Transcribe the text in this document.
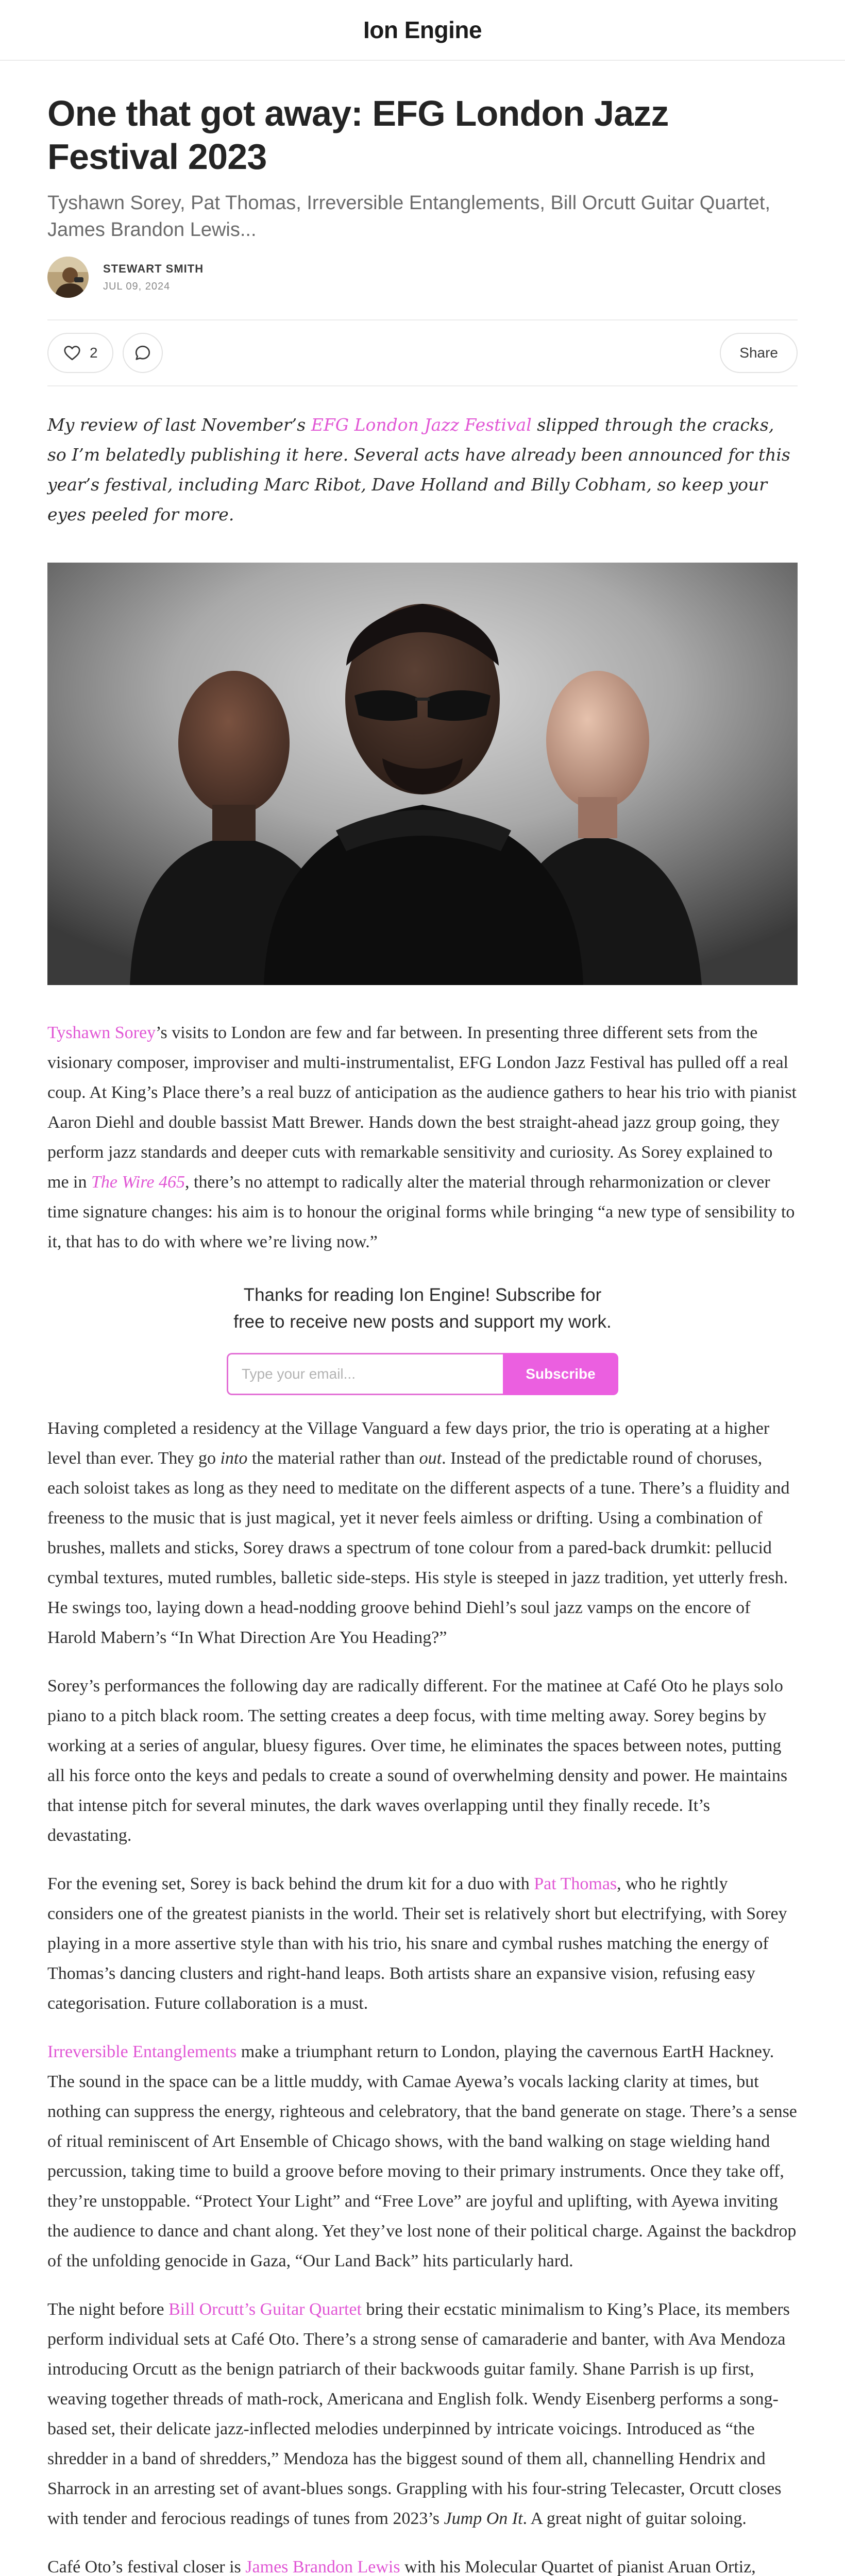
Ion Engine
One that got away: EFG London Jazz Festival 2023
Tyshawn Sorey, Pat Thomas, Irreversible Entanglements, Bill Orcutt Guitar Quartet, James Brandon Lewis...
STEWART SMITH
JUL 09, 2024
2	Share

My review of last November’s EFG London Jazz Festival slipped through the cracks, so I’m belatedly publishing it here. Several acts have already been announced for this year’s festival, including Marc Ribot, Dave Holland and Billy Cobham, so keep your eyes peeled for more.

Tyshawn Sorey’s visits to London are few and far between. In presenting three different sets from the visionary composer, improviser and multi-instrumentalist, EFG London Jazz Festival has pulled off a real coup. At King’s Place there’s a real buzz of anticipation as the audience gathers to hear his trio with pianist Aaron Diehl and double bassist Matt Brewer. Hands down the best straight-ahead jazz group going, they perform jazz standards and deeper cuts with remarkable sensitivity and curiosity. As Sorey explained to me in The Wire 465, there’s no attempt to radically alter the material through reharmonization or clever time signature changes: his aim is to honour the original forms while bringing “a new type of sensibility to it, that has to do with where we’re living now.”

Thanks for reading Ion Engine! Subscribe for free to receive new posts and support my work.
Type your email...
Subscribe

Having completed a residency at the Village Vanguard a few days prior, the trio is operating at a higher level than ever. They go into the material rather than out. Instead of the predictable round of choruses, each soloist takes as long as they need to meditate on the different aspects of a tune. There’s a fluidity and freeness to the music that is just magical, yet it never feels aimless or drifting. Using a combination of brushes, mallets and sticks, Sorey draws a spectrum of tone colour from a pared-back drumkit: pellucid cymbal textures, muted rumbles, balletic side-steps. His style is steeped in jazz tradition, yet utterly fresh. He swings too, laying down a head-nodding groove behind Diehl’s soul jazz vamps on the encore of Harold Mabern’s “In What Direction Are You Heading?”

Sorey’s performances the following day are radically different. For the matinee at Café Oto he plays solo piano to a pitch black room. The setting creates a deep focus, with time melting away. Sorey begins by working at a series of angular, bluesy figures. Over time, he eliminates the spaces between notes, putting all his force onto the keys and pedals to create a sound of overwhelming density and power. He maintains that intense pitch for several minutes, the dark waves overlapping until they finally recede. It’s devastating.

For the evening set, Sorey is back behind the drum kit for a duo with Pat Thomas, who he rightly considers one of the greatest pianists in the world. Their set is relatively short but electrifying, with Sorey playing in a more assertive style than with his trio, his snare and cymbal rushes matching the energy of Thomas’s dancing clusters and right-hand leaps. Both artists share an expansive vision, refusing easy categorisation. Future collaboration is a must.

Irreversible Entanglements make a triumphant return to London, playing the cavernous EartH Hackney. The sound in the space can be a little muddy, with Camae Ayewa’s vocals lacking clarity at times, but nothing can suppress the energy, righteous and celebratory, that the band generate on stage. There’s a sense of ritual reminiscent of Art Ensemble of Chicago shows, with the band walking on stage wielding hand percussion, taking time to build a groove before moving to their primary instruments. Once they take off, they’re unstoppable. “Protect Your Light” and “Free Love” are joyful and uplifting, with Ayewa inviting the audience to dance and chant along. Yet they’ve lost none of their political charge. Against the backdrop of the unfolding genocide in Gaza, “Our Land Back” hits particularly hard.

The night before Bill Orcutt’s Guitar Quartet bring their ecstatic minimalism to King’s Place, its members perform individual sets at Café Oto. There’s a strong sense of camaraderie and banter, with Ava Mendoza introducing Orcutt as the benign patriarch of their backwoods guitar family. Shane Parrish is up first, weaving together threads of math-rock, Americana and English folk. Wendy Eisenberg performs a song-based set, their delicate jazz-inflected melodies underpinned by intricate voicings. Introduced as “the shredder in a band of shredders,” Mendoza has the biggest sound of them all, channelling Hendrix and Sharrock in an arresting set of avant-blues songs. Grappling with his four-string Telecaster, Orcutt closes with tender and ferocious readings of tunes from 2023’s Jump On It. A great night of guitar soloing.

Café Oto’s festival closer is James Brandon Lewis with his Molecular Quartet of pianist Aruan Ortiz,
